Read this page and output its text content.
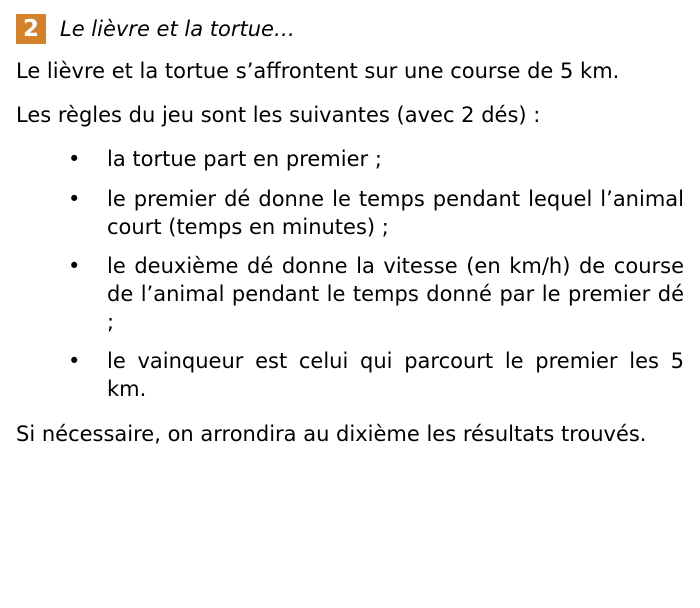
2	Le lièvre et la tortue…

Le lièvre et la tortue s’affrontent sur une course de 5 km.

Les règles du jeu sont les suivantes (avec 2 dés) :

• la tortue part en premier ;
• le premier dé donne le temps pendant lequel l’animal court (temps en minutes) ;
• le deuxième dé donne la vitesse (en km/h) de course de l’animal pendant le temps donné par le premier dé ;
• le vainqueur est celui qui parcourt le premier les 5 km.

Si nécessaire, on arrondira au dixième les résultats trouvés.
